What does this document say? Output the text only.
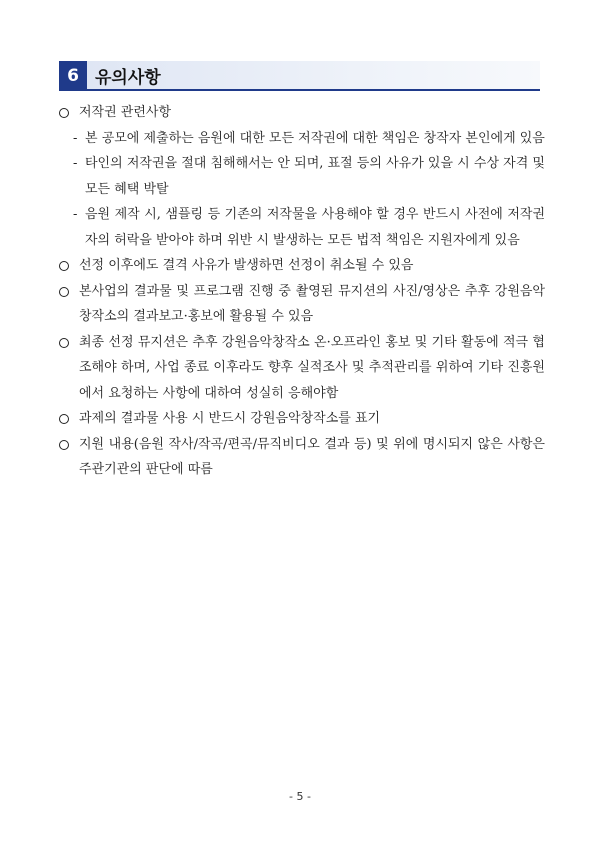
6 유의사항
저작권 관련사항
- 본 공모에 제출하는 음원에 대한 모든 저작권에 대한 책임은 창작자 본인에게 있음
- 타인의 저작권을 절대 침해해서는 안 되며, 표절 등의 사유가 있을 시 수상 자격 및 모든 혜택 박탈
- 음원 제작 시, 샘플링 등 기존의 저작물을 사용해야 할 경우 반드시 사전에 저작권자의 허락을 받아야 하며 위반 시 발생하는 모든 법적 책임은 지원자에게 있음
선정 이후에도 결격 사유가 발생하면 선정이 취소될 수 있음
본사업의 결과물 및 프로그램 진행 중 촬영된 뮤지션의 사진/영상은 추후 강원음악창작소의 결과보고·홍보에 활용될 수 있음
최종 선정 뮤지션은 추후 강원음악창작소 온·오프라인 홍보 및 기타 활동에 적극 협조해야 하며, 사업 종료 이후라도 향후 실적조사 및 추적관리를 위하여 기타 진흥원에서 요청하는 사항에 대하여 성실히 응해야함
과제의 결과물 사용 시 반드시 강원음악창작소를 표기
지원 내용(음원 작사/작곡/편곡/뮤직비디오 결과 등) 및 위에 명시되지 않은 사항은 주관기관의 판단에 따름
- 5 -
